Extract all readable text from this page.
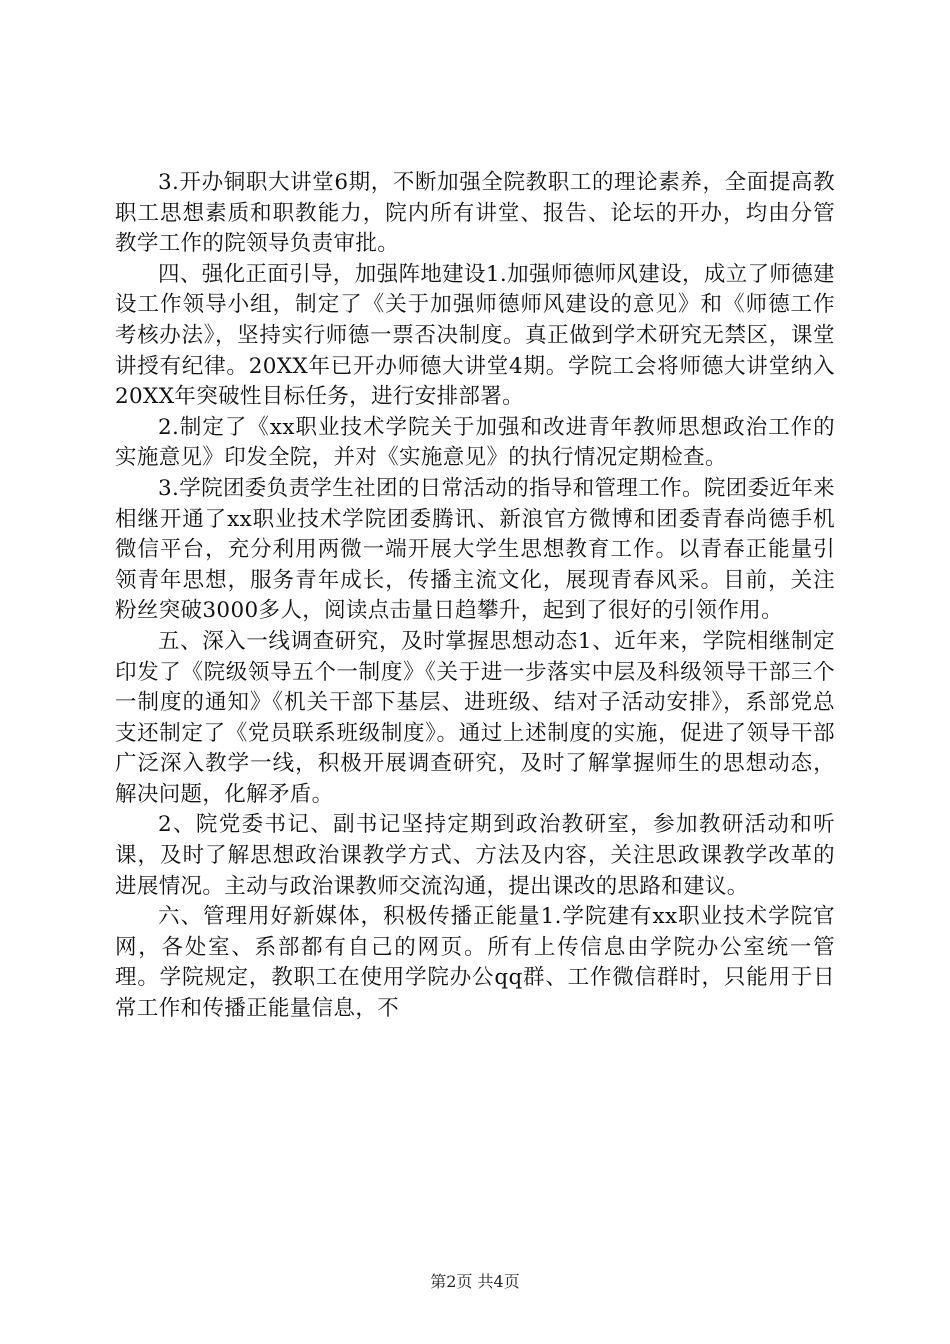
3.开办铜职大讲堂6期，不断加强全院教职工的理论素养，全面提高教职工思想素质和职教能力，院内所有讲堂、报告、论坛的开办，均由分管教学工作的院领导负责审批。

四、强化正面引导，加强阵地建设1.加强师德师风建设，成立了师德建设工作领导小组，制定了《关于加强师德师风建设的意见》和《师德工作考核办法》，坚持实行师德一票否决制度。真正做到学术研究无禁区，课堂讲授有纪律。20XX年已开办师德大讲堂4期。学院工会将师德大讲堂纳入20XX年突破性目标任务，进行安排部署。

2.制定了《xx职业技术学院关于加强和改进青年教师思想政治工作的实施意见》印发全院，并对《实施意见》的执行情况定期检查。

3.学院团委负责学生社团的日常活动的指导和管理工作。院团委近年来相继开通了xx职业技术学院团委腾讯、新浪官方微博和团委青春尚德手机微信平台，充分利用两微一端开展大学生思想教育工作。以青春正能量引领青年思想，服务青年成长，传播主流文化，展现青春风采。目前，关注粉丝突破3000多人，阅读点击量日趋攀升，起到了很好的引领作用。

五、深入一线调查研究，及时掌握思想动态1、近年来，学院相继制定印发了《院级领导五个一制度》《关于进一步落实中层及科级领导干部三个一制度的通知》《机关干部下基层、进班级、结对子活动安排》，系部党总支还制定了《党员联系班级制度》。通过上述制度的实施，促进了领导干部广泛深入教学一线，积极开展调查研究，及时了解掌握师生的思想动态，解决问题，化解矛盾。

2、院党委书记、副书记坚持定期到政治教研室，参加教研活动和听课，及时了解思想政治课教学方式、方法及内容，关注思政课教学改革的进展情况。主动与政治课教师交流沟通，提出课改的思路和建议。

六、管理用好新媒体，积极传播正能量1.学院建有xx职业技术学院官网，各处室、系部都有自己的网页。所有上传信息由学院办公室统一管理。学院规定，教职工在使用学院办公qq群、工作微信群时，只能用于日常工作和传播正能量信息，不

第2页 共4页
